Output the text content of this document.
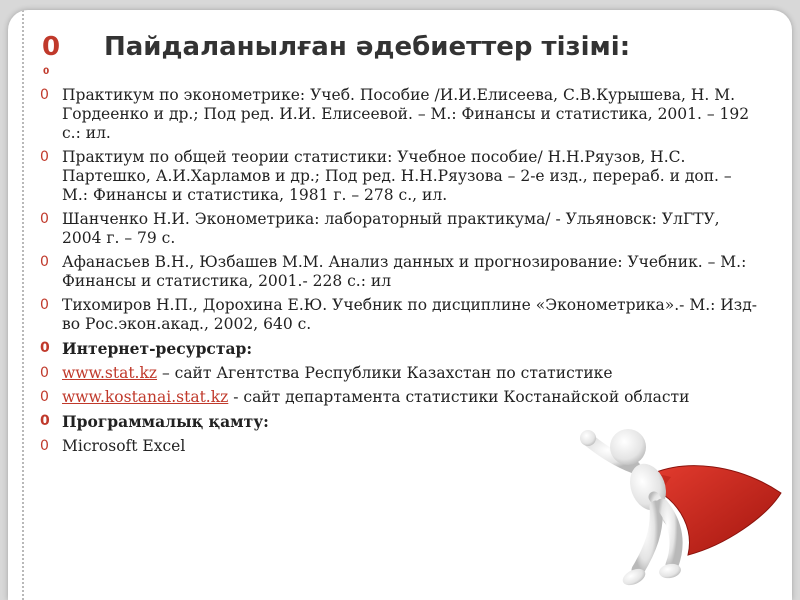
0
0
Пайдаланылған әдебиеттер тізімі:
0 Практикум по эконометрике: Учеб. Пособие /И.И.Елисеева, С.В.Курышева, Н. М. Гордеенко и др.; Под ред. И.И. Елисеевой. – М.: Финансы и статистика, 2001. – 192 с.: ил.
0 Практиум по общей теории статистики: Учебное пособие/ Н.Н.Ряузов, Н.С. Партешко, А.И.Харламов и др.; Под ред. Н.Н.Ряузова – 2-е изд., перераб. и доп. – М.: Финансы и статистика, 1981 г. – 278 с., ил.
0 Шанченко Н.И. Эконометрика: лабораторный практикума/ - Ульяновск: УлГТУ, 2004 г. – 79 с.
0 Афанасьев В.Н., Юзбашев М.М. Анализ данных и прогнозирование: Учебник. – М.: Финансы и статистика, 2001.- 228 с.: ил
0 Тихомиров Н.П., Дорохина Е.Ю. Учебник по дисциплине «Эконометрика».- М.: Изд-во Рос.экон.акад., 2002, 640 с.
0 Интернет-ресурстар:
0 www.stat.kz – сайт Агентства Республики Казахстан по статистике
0 www.kostanai.stat.kz - сайт департамента статистики Костанайской области
0 Программалық қамту:
0 Microsoft Excel
